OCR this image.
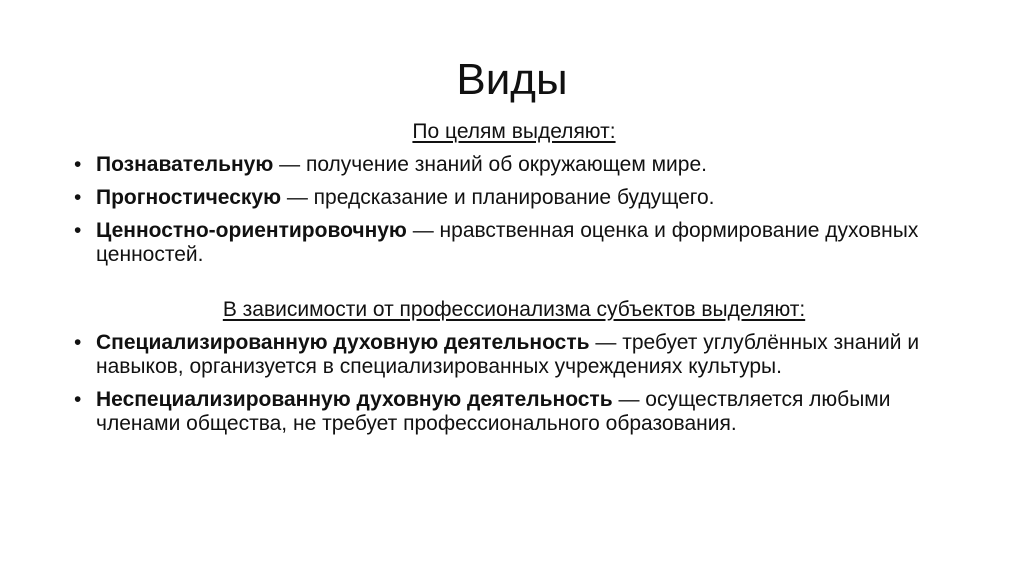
Виды
По целям выделяют:
• Познавательную — получение знаний об окружающем мире.
• Прогностическую — предсказание и планирование будущего.
• Ценностно-ориентировочную — нравственная оценка и формирование духовных ценностей.
В зависимости от профессионализма субъектов выделяют:
• Специализированную духовную деятельность — требует углублённых знаний и навыков, организуется в специализированных учреждениях культуры.
• Неспециализированную духовную деятельность — осуществляется любыми членами общества, не требует профессионального образования.
